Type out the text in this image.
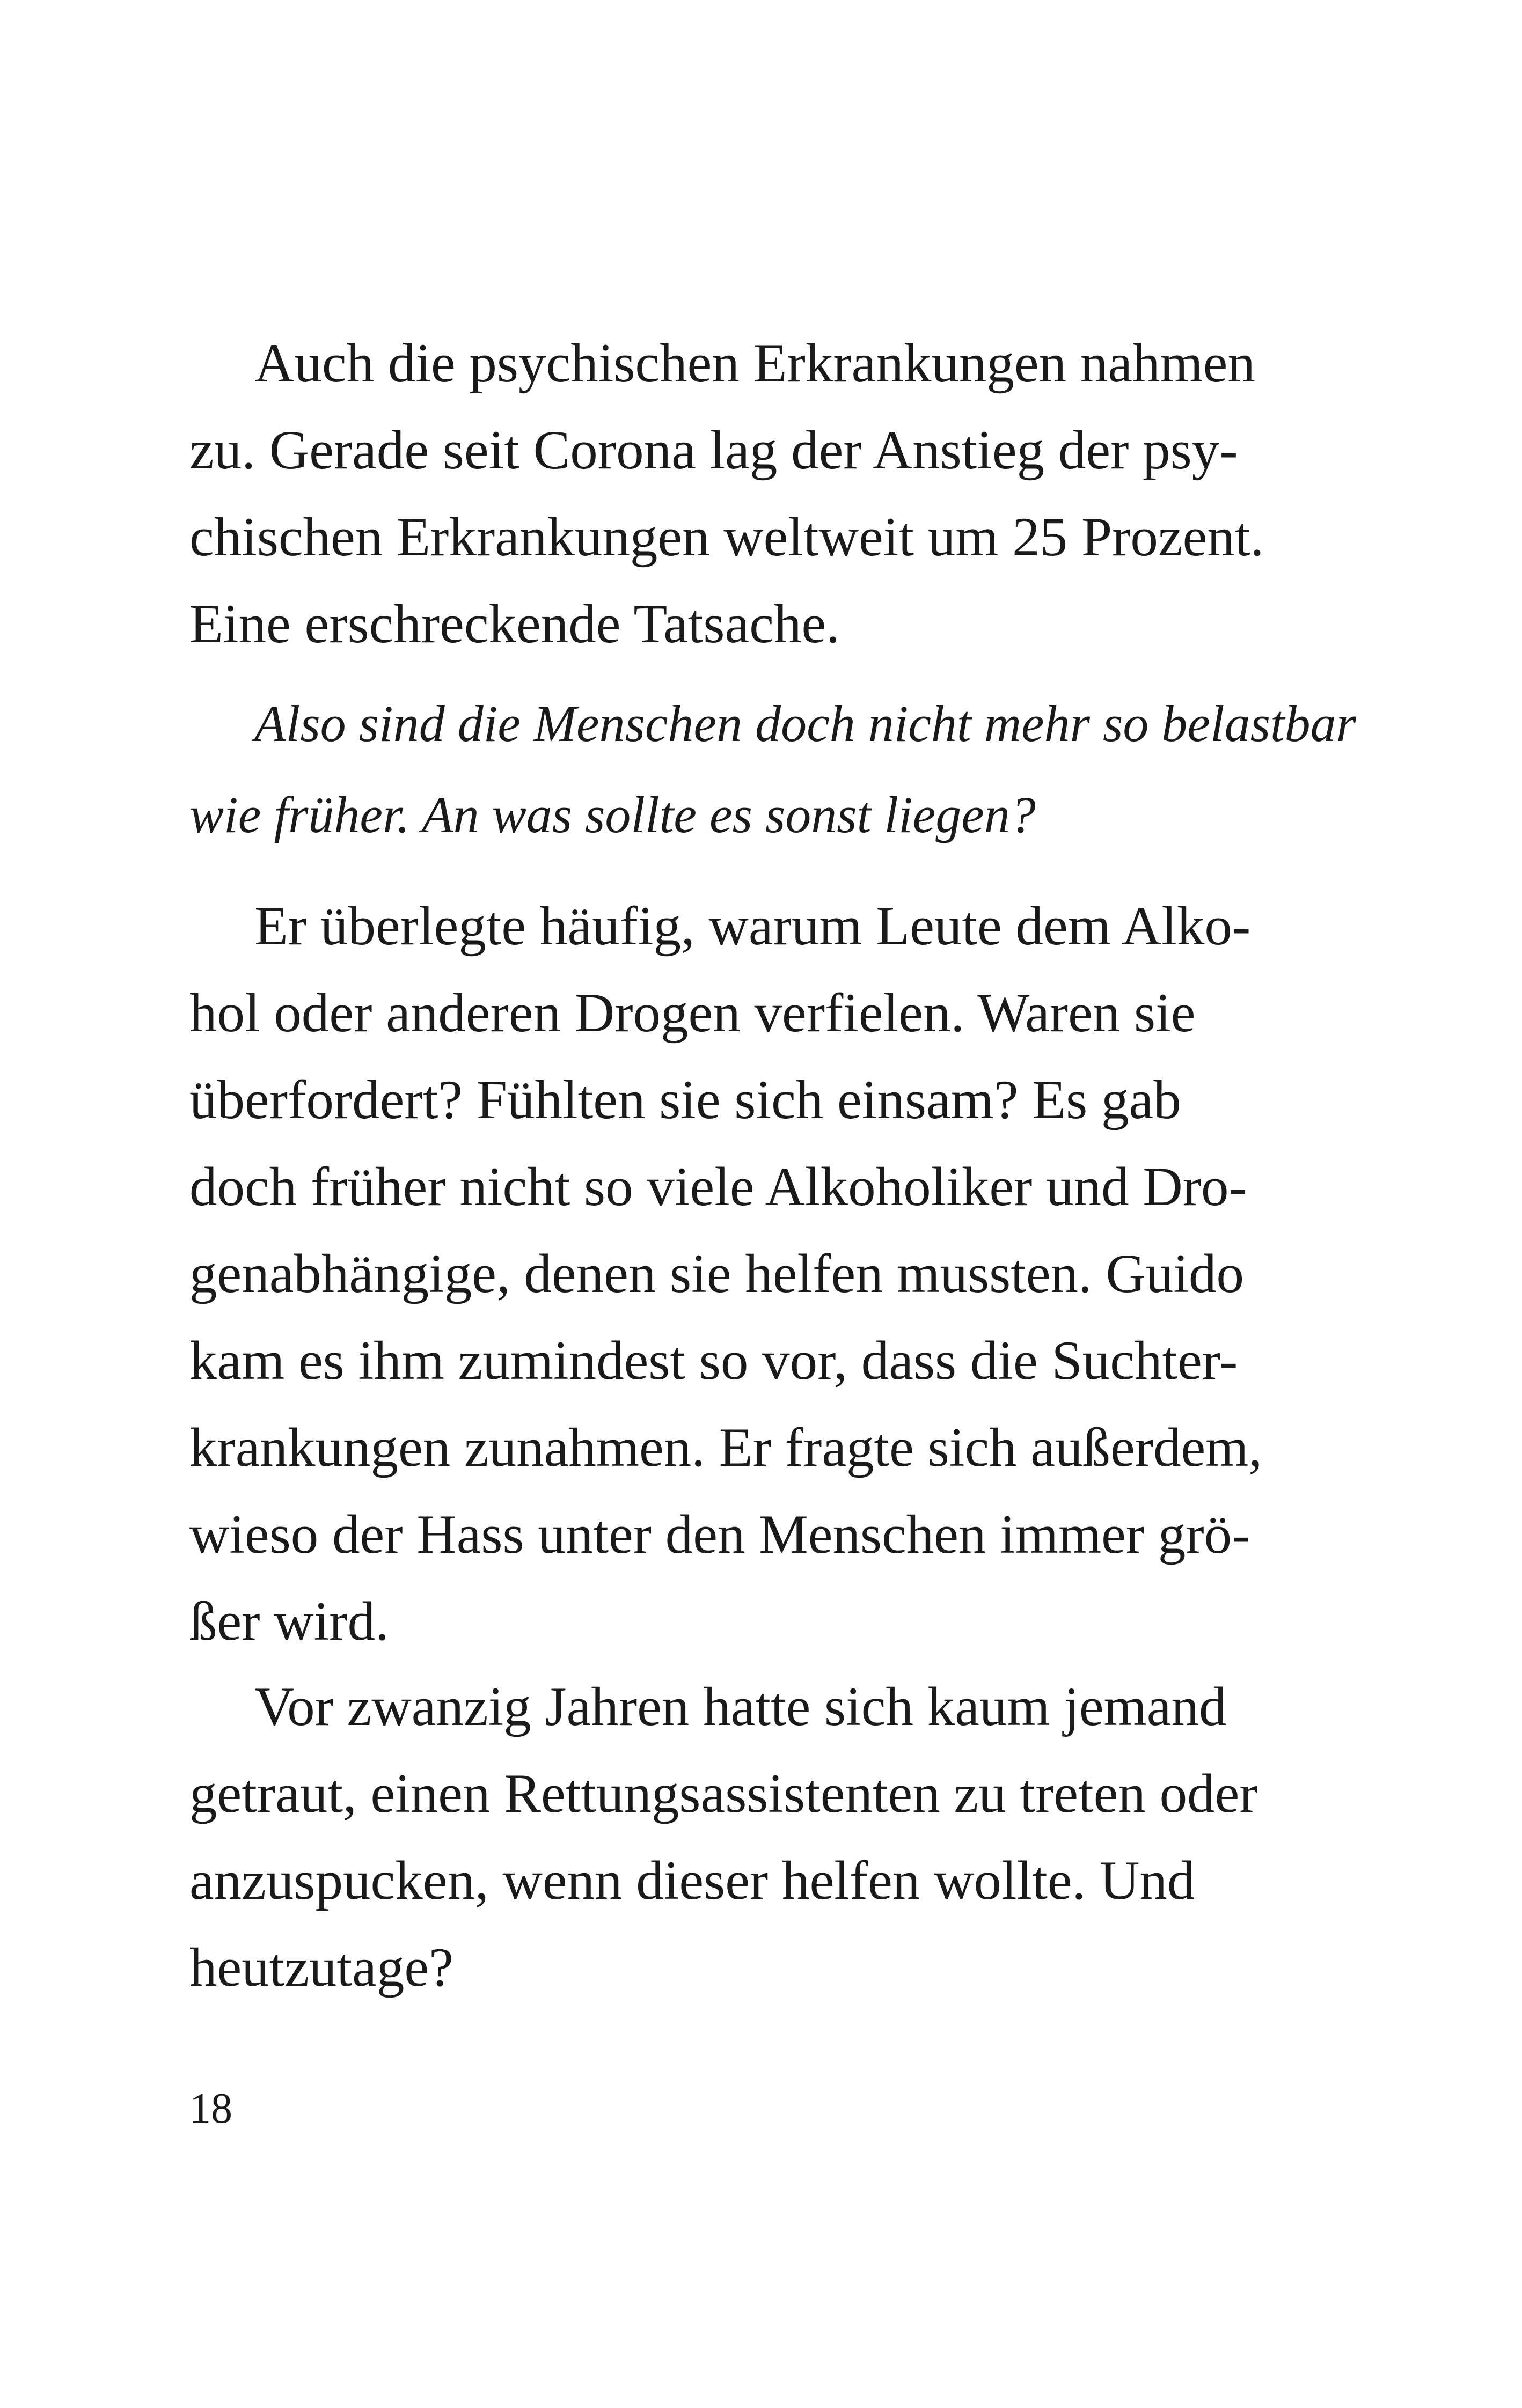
Auch die psychischen Erkrankungen nahmen
zu. Gerade seit Corona lag der Anstieg der psy-
chischen Erkrankungen weltweit um 25 Prozent.
Eine erschreckende Tatsache.

Also sind die Menschen doch nicht mehr so belastbar
wie früher. An was sollte es sonst liegen?

Er überlegte häufig, warum Leute dem Alko-
hol oder anderen Drogen verfielen. Waren sie
überfordert? Fühlten sie sich einsam? Es gab
doch früher nicht so viele Alkoholiker und Dro-
genabhängige, denen sie helfen mussten. Guido
kam es ihm zumindest so vor, dass die Suchter-
krankungen zunahmen. Er fragte sich außerdem,
wieso der Hass unter den Menschen immer grö-
ßer wird.

Vor zwanzig Jahren hatte sich kaum jemand
getraut, einen Rettungsassistenten zu treten oder
anzuspucken, wenn dieser helfen wollte. Und
heutzutage?

18
